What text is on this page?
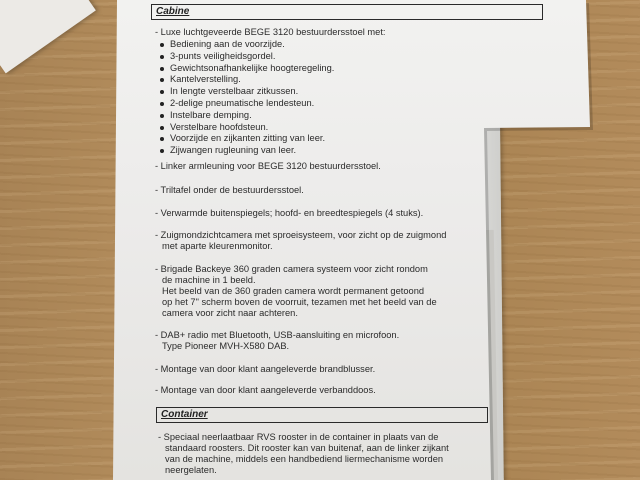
Cabine
- Luxe luchtgeveerde BEGE 3120 bestuurdersstoel met:
Bediening aan de voorzijde.
3-punts veiligheidsgordel.
Gewichtsonafhankelijke hoogteregeling.
Kantelverstelling.
In lengte verstelbaar zitkussen.
2-delige pneumatische lendesteun.
Instelbare demping.
Verstelbare hoofdsteun.
Voorzijde en zijkanten zitting van leer.
Zijwangen rugleuning van leer.
- Linker armleuning voor BEGE 3120 bestuurdersstoel.
- Triltafel onder de bestuurdersstoel.
- Verwarmde buitenspiegels; hoofd- en breedtespiegels (4 stuks).
- Zuigmondzichtcamera met sproeisysteem, voor zicht op de zuigmond
met aparte kleurenmonitor.
- Brigade Backeye 360 graden camera systeem voor zicht rondom
de machine in 1 beeld.
Het beeld van de 360 graden camera wordt permanent getoond
op het 7" scherm boven de voorruit, tezamen met het beeld van de
camera voor zicht naar achteren.
- DAB+ radio met Bluetooth, USB-aansluiting en microfoon.
Type Pioneer MVH-X580 DAB.
- Montage van door klant aangeleverde brandblusser.
- Montage van door klant aangeleverde verbanddoos.
Container
- Speciaal neerlaatbaar RVS rooster in de container in plaats van de
standaard roosters. Dit rooster kan van buitenaf, aan de linker zijkant
van de machine, middels een handbediend liermechanisme worden
neergelaten.
